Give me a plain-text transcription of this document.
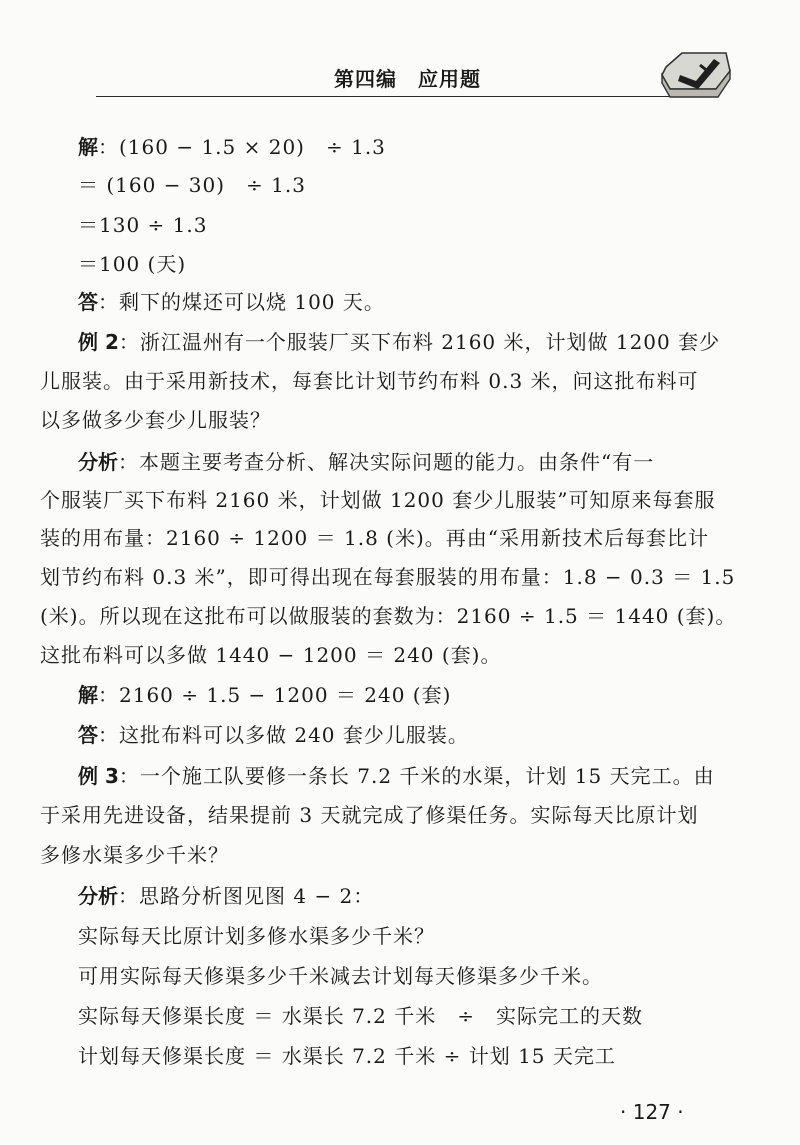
第四编　应用题
解：(160 − 1.5 × 20)　÷ 1.3
＝ (160 − 30)　÷ 1.3
＝130 ÷ 1.3
＝100 (天)
答：剩下的煤还可以烧 100 天。
例 2：浙江温州有一个服装厂买下布料 2160 米，计划做 1200 套少
儿服装。由于采用新技术，每套比计划节约布料 0.3 米，问这批布料可
以多做多少套少儿服装？
分析：本题主要考查分析、解决实际问题的能力。由条件“有一
个服装厂买下布料 2160 米，计划做 1200 套少儿服装”可知原来每套服
装的用布量：2160 ÷ 1200 ＝ 1.8 (米)。再由“采用新技术后每套比计
划节约布料 0.3 米”，即可得出现在每套服装的用布量：1.8 − 0.3 ＝ 1.5
(米)。所以现在这批布可以做服装的套数为：2160 ÷ 1.5 ＝ 1440 (套)。
这批布料可以多做 1440 − 1200 ＝ 240 (套)。
解：2160 ÷ 1.5 − 1200 ＝ 240 (套)
答：这批布料可以多做 240 套少儿服装。
例 3：一个施工队要修一条长 7.2 千米的水渠，计划 15 天完工。由
于采用先进设备，结果提前 3 天就完成了修渠任务。实际每天比原计划
多修水渠多少千米？
分析：思路分析图见图 4 − 2：
实际每天比原计划多修水渠多少千米？
可用实际每天修渠多少千米减去计划每天修渠多少千米。
实际每天修渠长度 ＝ 水渠长 7.2 千米　÷　实际完工的天数
计划每天修渠长度 ＝ 水渠长 7.2 千米 ÷ 计划 15 天完工
· 127 ·
